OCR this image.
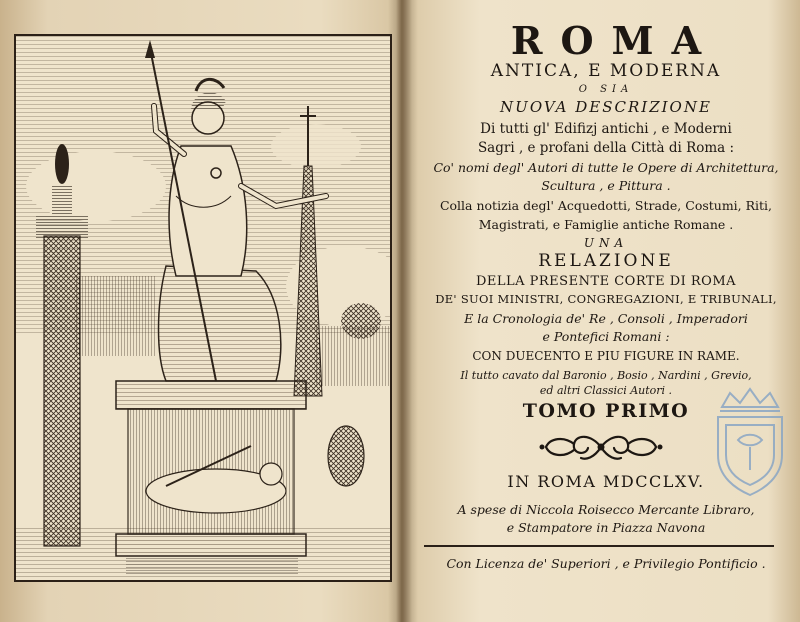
ROMA
ANTICA, E MODERNA
O SIA
NUOVA DESCRIZIONE
Di tutti gl' Edifizj antichi , e Moderni
Sagri , e profani della Città di Roma :
Co' nomi degl' Autori di tutte le Opere di Architettura,
Scultura , e Pittura .
Colla notizia degl' Acquedotti, Strade, Costumi, Riti,
Magistrati, e Famiglie antiche Romane .
UNA
RELAZIONE
DELLA PRESENTE CORTE DI ROMA
DE' SUOI MINISTRI, CONGREGAZIONI, E TRIBUNALI,
E la Cronologia de' Re , Consoli , Imperadori
e Pontefici Romani :
CON DUECENTO E PIU FIGURE IN RAME.
Il tutto cavato dal Baronio , Bosio , Nardini , Grevio,
ed altri Classici Autori .
TOMO PRIMO
IN ROMA MDCCLXV.
A spese di Niccola Roisecco Mercante Libraro,
e Stampatore in Piazza Navona
Con Licenza de' Superiori , e Privilegio Pontificio .
